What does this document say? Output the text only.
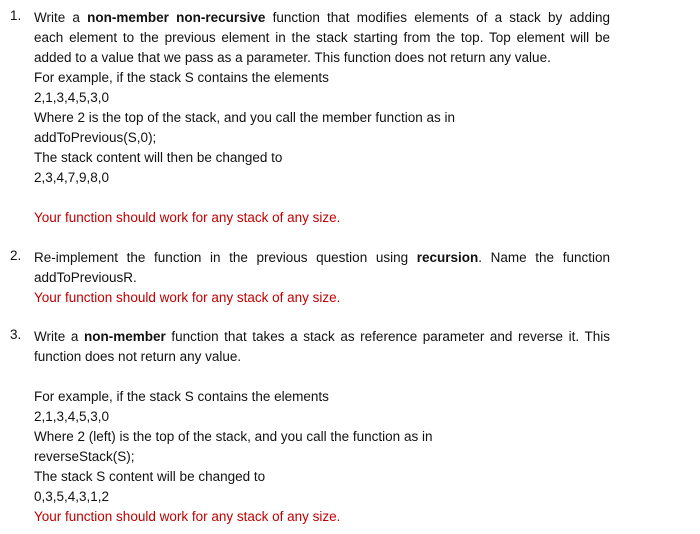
1. Write a non-member non-recursive function that modifies elements of a stack by adding
each element to the previous element in the stack starting from the top. Top element will be
added to a value that we pass as a parameter. This function does not return any value.
For example, if the stack S contains the elements
2,1,3,4,5,3,0
Where 2 is the top of the stack, and you call the member function as in
addToPrevious(S,0);
The stack content will then be changed to
2,3,4,7,9,8,0
Your function should work for any stack of any size.
2. Re-implement the function in the previous question using recursion. Name the function
addToPreviousR.
Your function should work for any stack of any size.
3. Write a non-member function that takes a stack as reference parameter and reverse it. This
function does not return any value.
For example, if the stack S contains the elements
2,1,3,4,5,3,0
Where 2 (left) is the top of the stack, and you call the function as in
reverseStack(S);
The stack S content will be changed to
0,3,5,4,3,1,2
Your function should work for any stack of any size.
